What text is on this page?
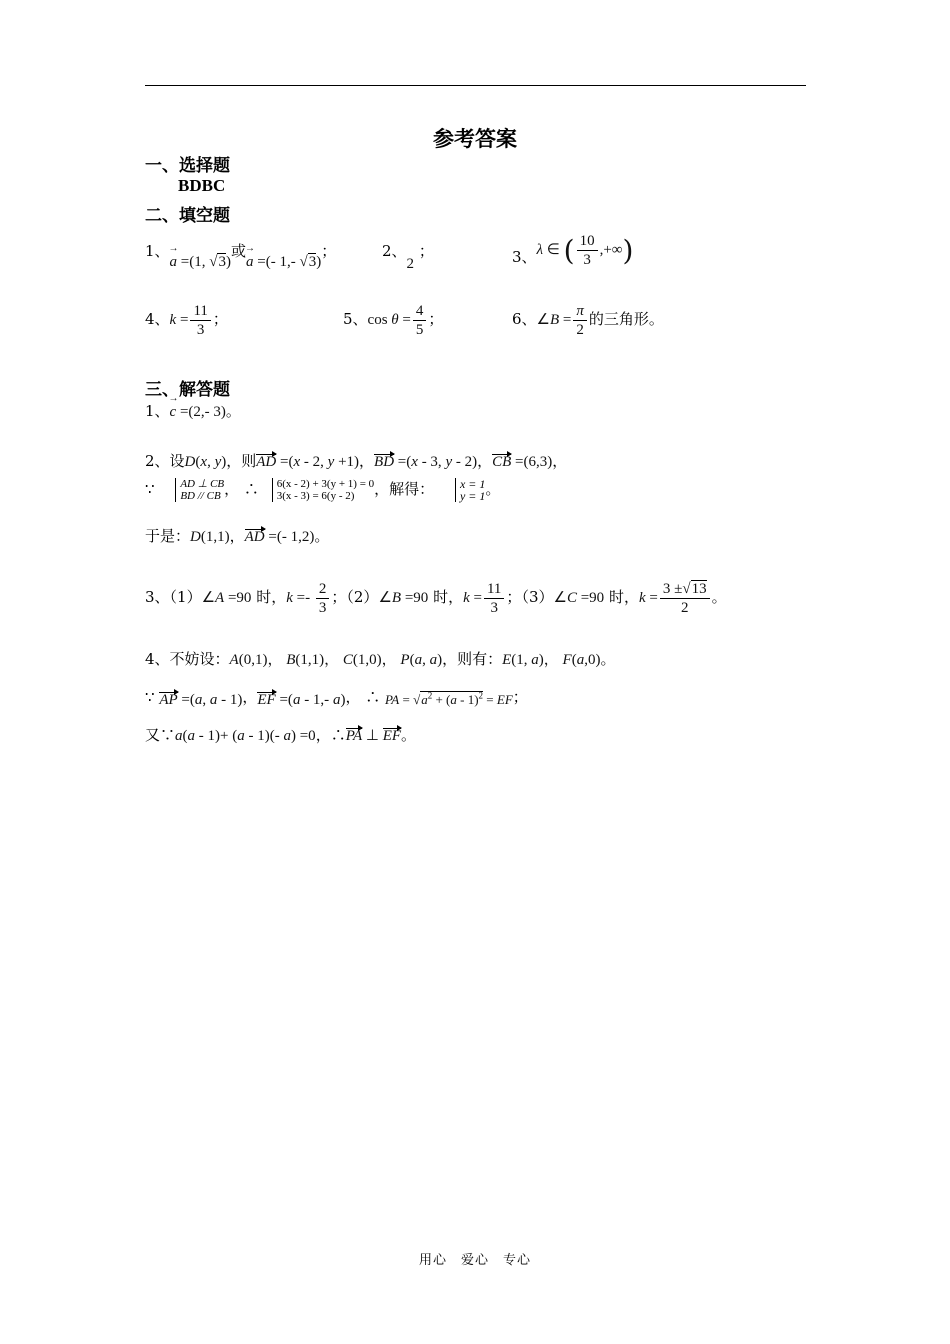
参考答案
一、选择题
BDBC
二、填空题
1、a → =(1, √3)或a → =(- 1,- √3)；	2、2 ；	3、λ ∈ ( $\frac{10}{3}$ ,+∞)
4、$k = \frac{11}{3}$ ；	5、$\cos \theta = \frac{4}{5}$ ；	6、∠B = $\frac{\pi}{2}$ 的三角形。
三、解答题
1、c → =(2,- 3)。
2、设D(x, y)，则AD =(x - 2, y +1)，BD =(x - 3, y - 2)，CB =(6,3)，
∵ AD ⊥ CB
BD // CB ， ∴ 6(x - 2) + 3(y + 1) = 0
3(x - 3) = 6(y - 2)	，解得： x = 1
y = 1 。
于是：D(1,1)，AD =(- 1,2)。
3、（1）∠A =90 时，$k =- \frac{2}{3}$ ；（2）∠B =90 时，$k = \frac{11}{3}$ ；（3）∠C =90 时，$k = \frac{3 \pm√13}{2}$ 。
4、不妨设：A(0,1)， B(1,1)， C(1,0)， P(a, a)，则有：E(1, a)， F(a,0)。
∵ AP =(a, a - 1)，EF =(a - 1,- a)， ∴ PA = $√a^2 + (a - 1)^2$ = EF；
又∵a(a - 1)+ (a - 1)(- a) =0，∴PA ⊥ EF。
用心　爱心　专心
